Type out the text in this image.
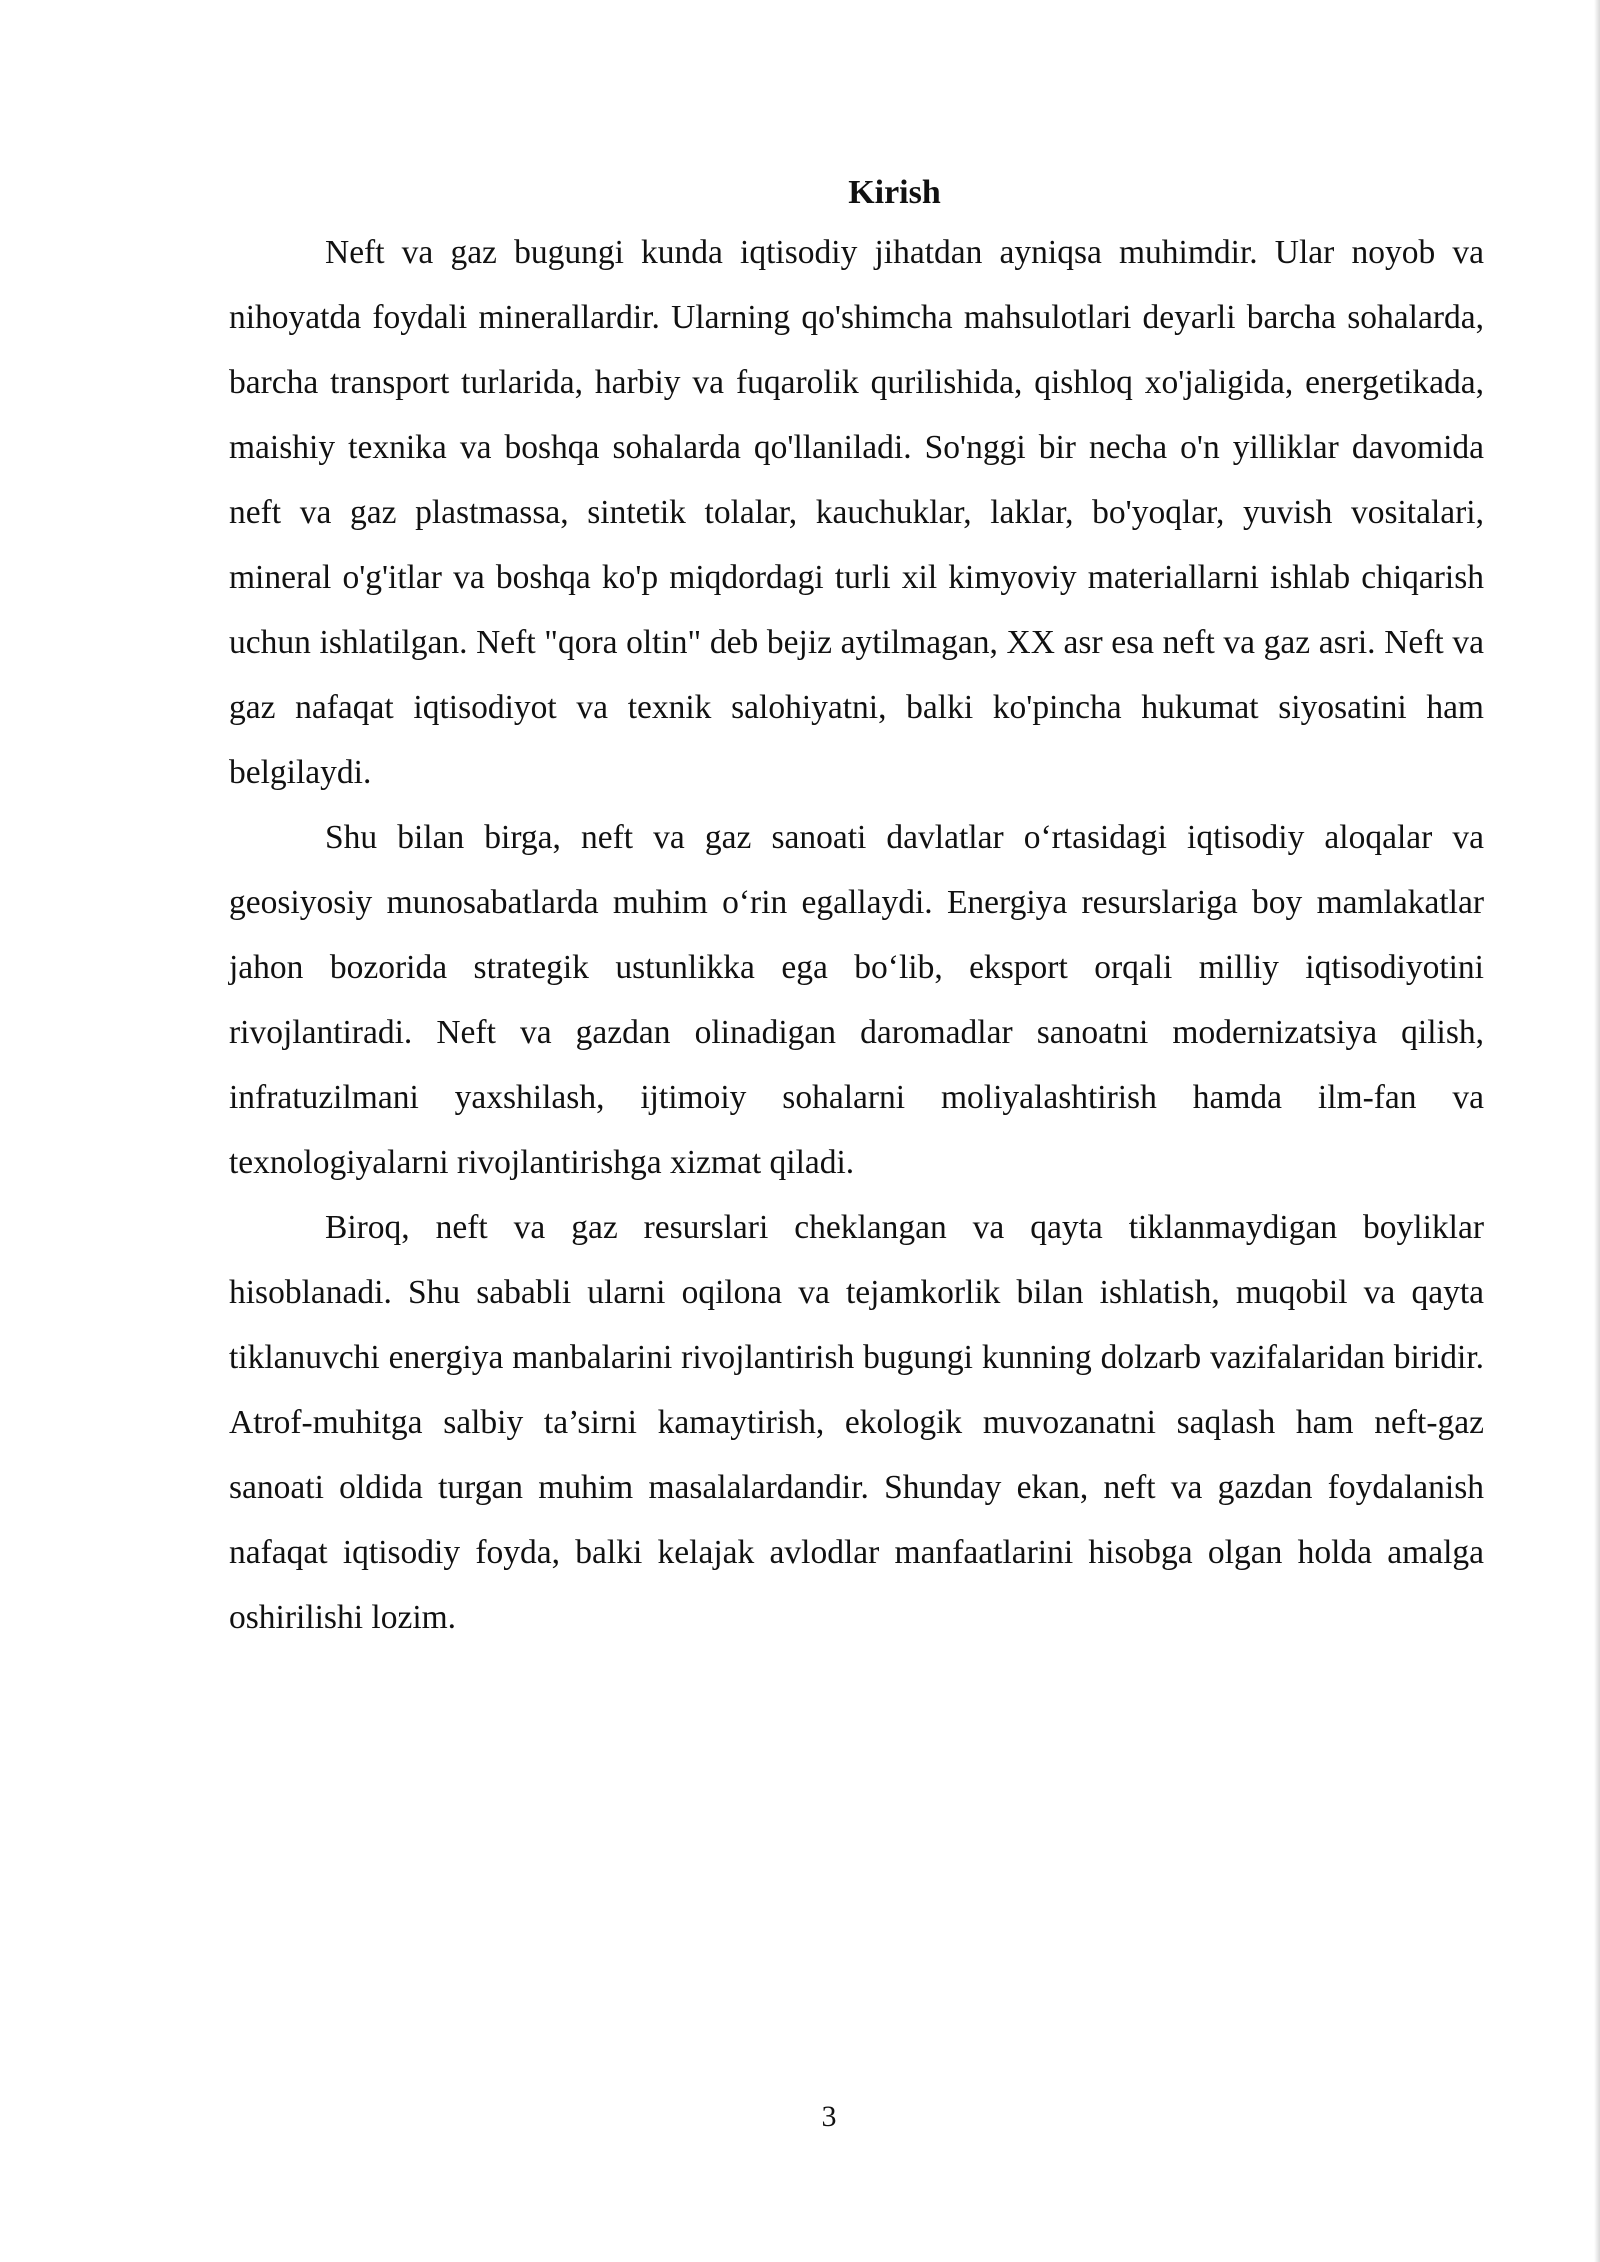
Kirish

Neft va gaz bugungi kunda iqtisodiy jihatdan ayniqsa muhimdir. Ular noyob va nihoyatda foydali minerallardir. Ularning qo'shimcha mahsulotlari deyarli barcha sohalarda, barcha transport turlarida, harbiy va fuqarolik qurilishida, qishloq xo'jaligida, energetikada, maishiy texnika va boshqa sohalarda qo'llaniladi. So'nggi bir necha o'n yilliklar davomida neft va gaz plastmassa, sintetik tolalar, kauchuklar, laklar, bo'yoqlar, yuvish vositalari, mineral o'g'itlar va boshqa ko'p miqdordagi turli xil kimyoviy materiallarni ishlab chiqarish uchun ishlatilgan. Neft "qora oltin" deb bejiz aytilmagan, XX asr esa neft va gaz asri. Neft va gaz nafaqat iqtisodiyot va texnik salohiyatni, balki ko'pincha hukumat siyosatini ham belgilaydi.

Shu bilan birga, neft va gaz sanoati davlatlar o‘rtasidagi iqtisodiy aloqalar va geosiyosiy munosabatlarda muhim o‘rin egallaydi. Energiya resurslariga boy mamlakatlar jahon bozorida strategik ustunlikka ega bo‘lib, eksport orqali milliy iqtisodiyotini rivojlantiradi. Neft va gazdan olinadigan daromadlar sanoatni modernizatsiya qilish, infratuzilmani yaxshilash, ijtimoiy sohalarni moliyalashtirish hamda ilm-fan va texnologiyalarni rivojlantirishga xizmat qiladi.

Biroq, neft va gaz resurslari cheklangan va qayta tiklanmaydigan boyliklar hisoblanadi. Shu sababli ularni oqilona va tejamkorlik bilan ishlatish, muqobil va qayta tiklanuvchi energiya manbalarini rivojlantirish bugungi kunning dolzarb vazifalaridan biridir. Atrof-muhitga salbiy ta’sirni kamaytirish, ekologik muvozanatni saqlash ham neft-gaz sanoati oldida turgan muhim masalalardandir. Shunday ekan, neft va gazdan foydalanish nafaqat iqtisodiy foyda, balki kelajak avlodlar manfaatlarini hisobga olgan holda amalga oshirilishi lozim.

3
